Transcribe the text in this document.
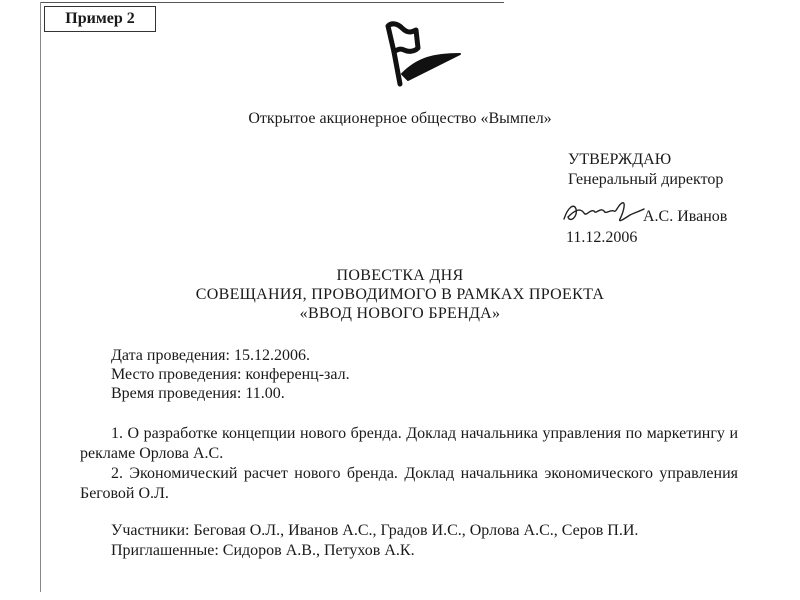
Пример 2
Открытое акционерное общество «Вымпел»
УТВЕРЖДАЮ
Генеральный директор
А.С. Иванов
11.12.2006
ПОВЕСТКА ДНЯ
СОВЕЩАНИЯ, ПРОВОДИМОГО В РАМКАХ ПРОЕКТА
«ВВОД НОВОГО БРЕНДА»
Дата проведения: 15.12.2006.
Место проведения: конференц-зал.
Время проведения: 11.00.

1. О разработке концепции нового бренда. Доклад начальника управления по маркетингу и рекламе Орлова А.С.

2. Экономический расчет нового бренда. Доклад начальника экономического управления Беговой О.Л.

Участники: Беговая О.Л., Иванов А.С., Градов И.С., Орлова А.С., Серов П.И.
Приглашенные: Сидоров А.В., Петухов А.К.
